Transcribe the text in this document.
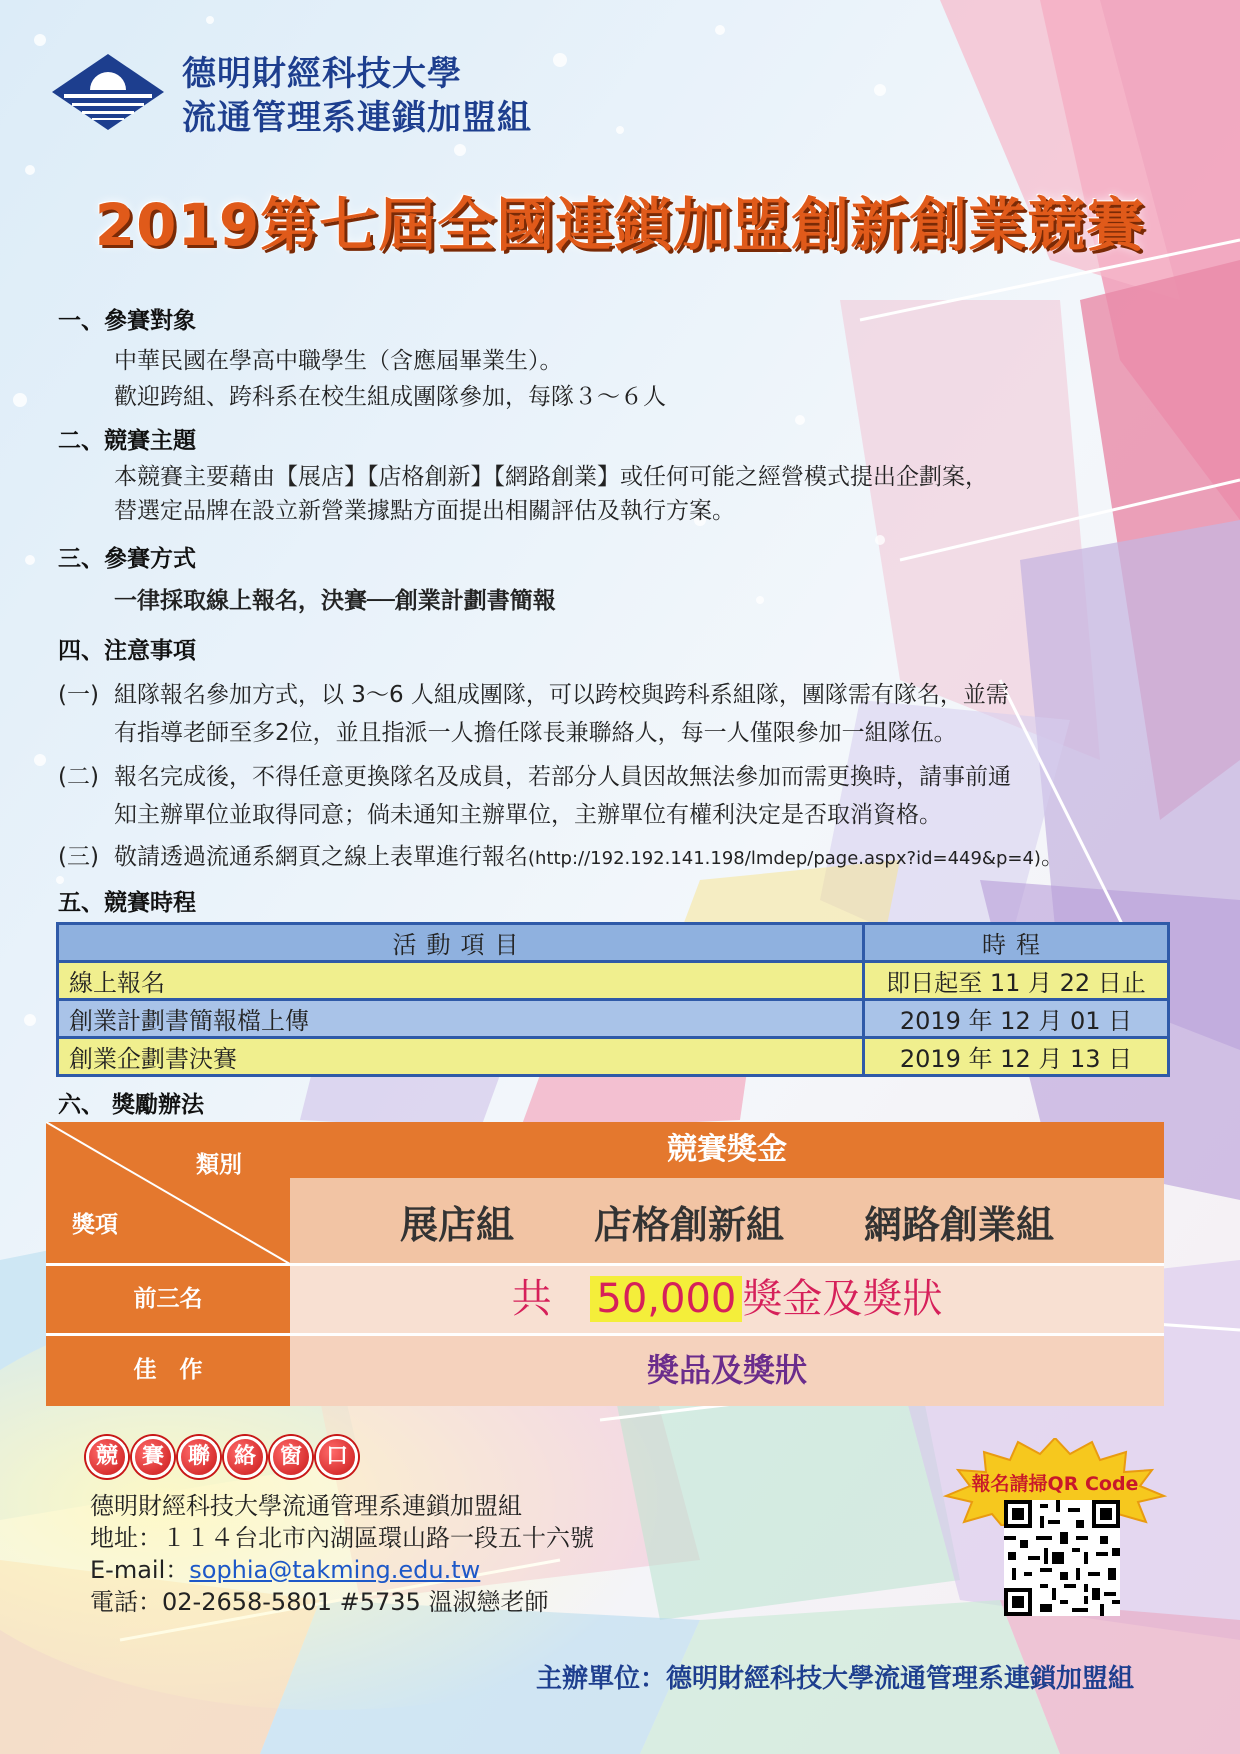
德明財經科技大學
流通管理系連鎖加盟組
2019第七屆全國連鎖加盟創新創業競賽
一、參賽對象
中華民國在學高中職學生（含應屆畢業生）。
歡迎跨組、跨科系在校生組成團隊參加，每隊３～６人
二、競賽主題
本競賽主要藉由【展店】【店格創新】【網路創業】或任何可能之經營模式提出企劃案，
替選定品牌在設立新營業據點方面提出相關評估及執行方案。
三、參賽方式
一律採取線上報名，決賽──創業計劃書簡報
四、注意事項
(一) 組隊報名參加方式，以 3～6 人組成團隊，可以跨校與跨科系組隊，團隊需有隊名，並需
有指導老師至多2位，並且指派一人擔任隊長兼聯絡人，每一人僅限參加一組隊伍。
(二) 報名完成後，不得任意更換隊名及成員，若部分人員因故無法參加而需更換時，請事前通
知主辦單位並取得同意；倘未通知主辦單位，主辦單位有權利決定是否取消資格。
(三) 敬請透過流通系網頁之線上表單進行報名(http://192.192.141.198/lmdep/page.aspx?id=449&p=4)。
五、競賽時程
活動項目	時程
線上報名	即日起至 11 月 22 日止
創業計劃書簡報檔上傳	2019 年 12 月 01 日
創業企劃書決賽	2019 年 12 月 13 日
六、 獎勵辦法
類別
獎項
競賽獎金
展店組 店格創新組 網路創業組
前三名	共 50,000 獎金及獎狀
佳　作	獎品及獎狀
競	賽	聯	絡	窗	口
德明財經科技大學流通管理系連鎖加盟組
地址：１１４台北市內湖區環山路一段五十六號
E-mail：sophia@takming.edu.tw
電話：02-2658-5801 #5735 溫淑戀老師
報名請掃QR Code
主辦單位：德明財經科技大學流通管理系連鎖加盟組
